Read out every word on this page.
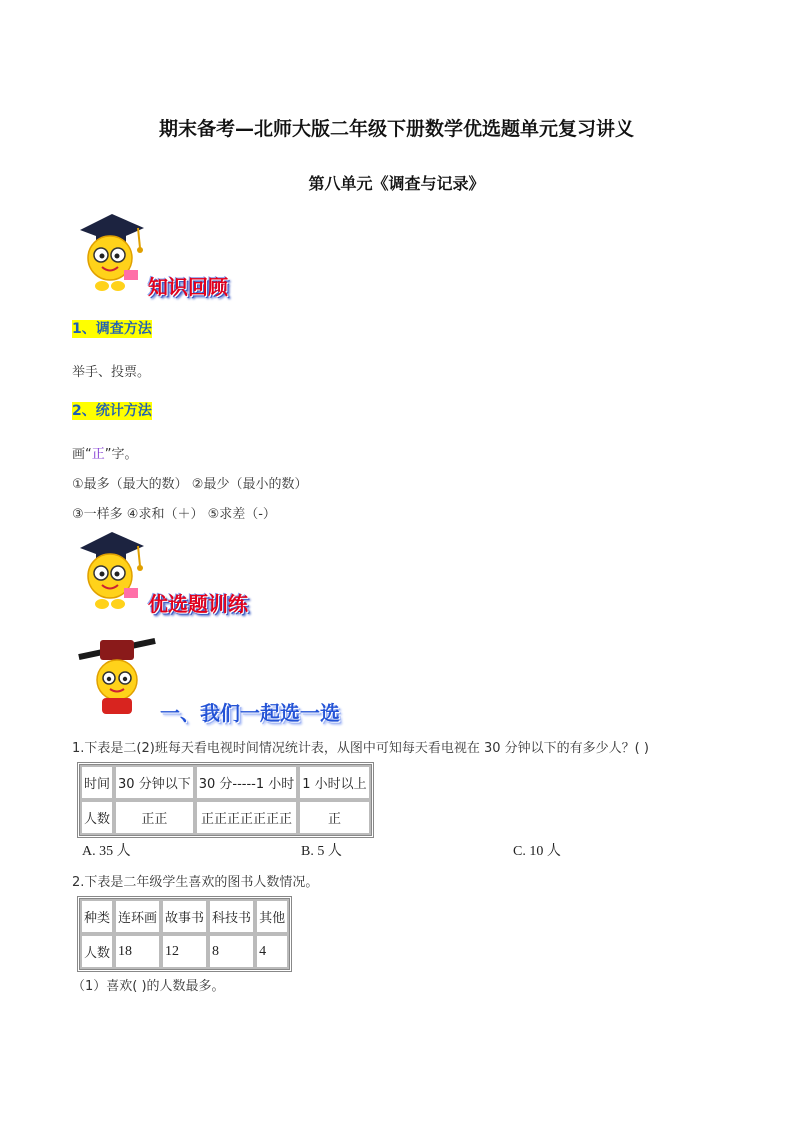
期末备考—北师大版二年级下册数学优选题单元复习讲义
第八单元《调查与记录》
知识回顾
1、调查方法
举手、投票。
2、统计方法
画“正”字。
①最多（最大的数） ②最少（最小的数）
③一样多 ④求和（＋） ⑤求差（-）
优选题训练
一、我们一起选一选
1.下表是二(2)班每天看电视时间情况统计表，从图中可知每天看电视在 30 分钟以下的有多少人？( )
时间	30 分钟以下	30 分-----1 小时	1 小时以上
人数	正正	正正正正正正正	正
A. 35 人	B. 5 人	C. 10 人
2.下表是二年级学生喜欢的图书人数情况。
种类	连环画	故事书	科技书	其他
人数	18	12	8	4
（1）喜欢( )的人数最多。
